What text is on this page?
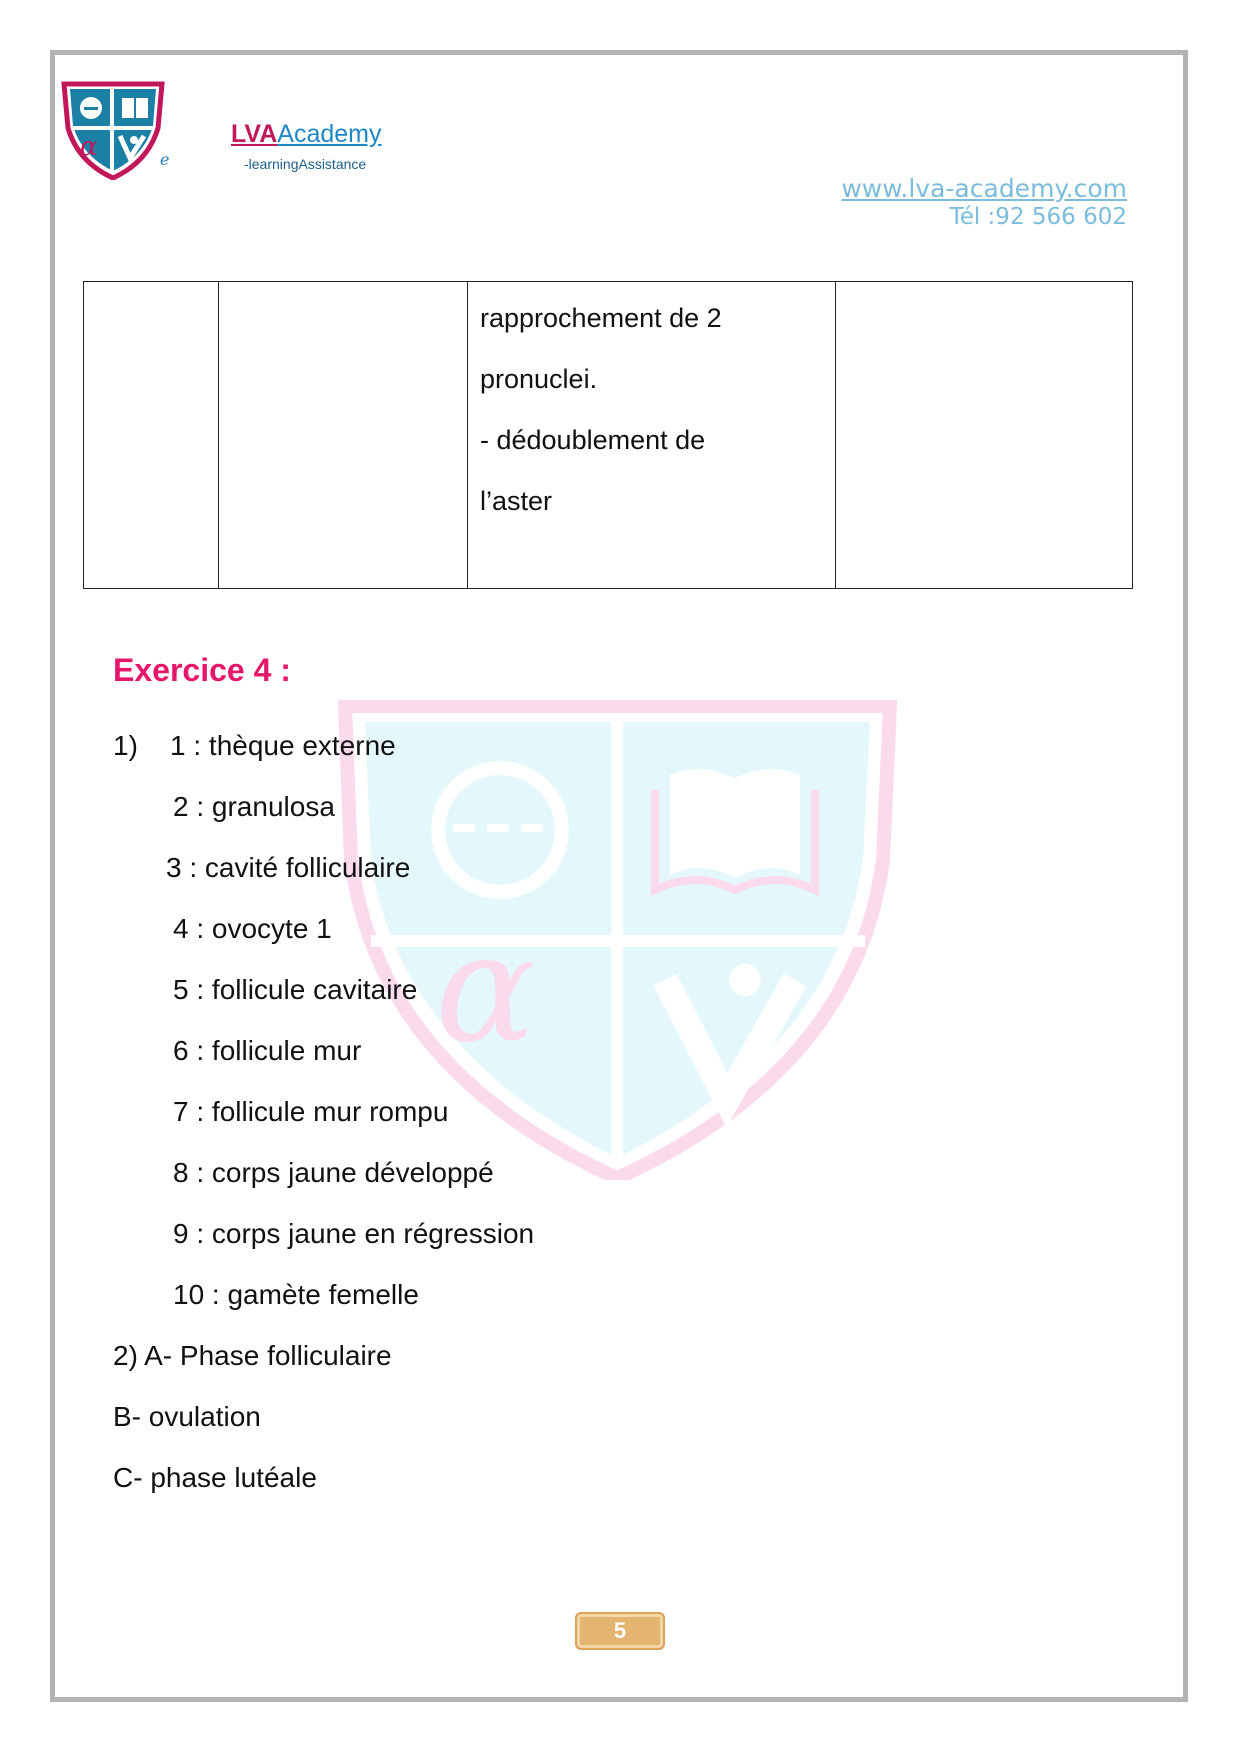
α	e
LVAAcademy
-learningAssistance
www.lva-academy.com
Tél :92 566 602

rapprochement de 2
pronuclei.
- dédoublement de
l’aster

α
Exercice 4 :
1) 1 : thèque externe
2 : granulosa
3 : cavité folliculaire
4 : ovocyte 1
5 : follicule cavitaire
6 : follicule mur
7 : follicule mur rompu
8 : corps jaune développé
9 : corps jaune en régression
10 : gamète femelle
2) A- Phase folliculaire
B- ovulation
C- phase lutéale
5
